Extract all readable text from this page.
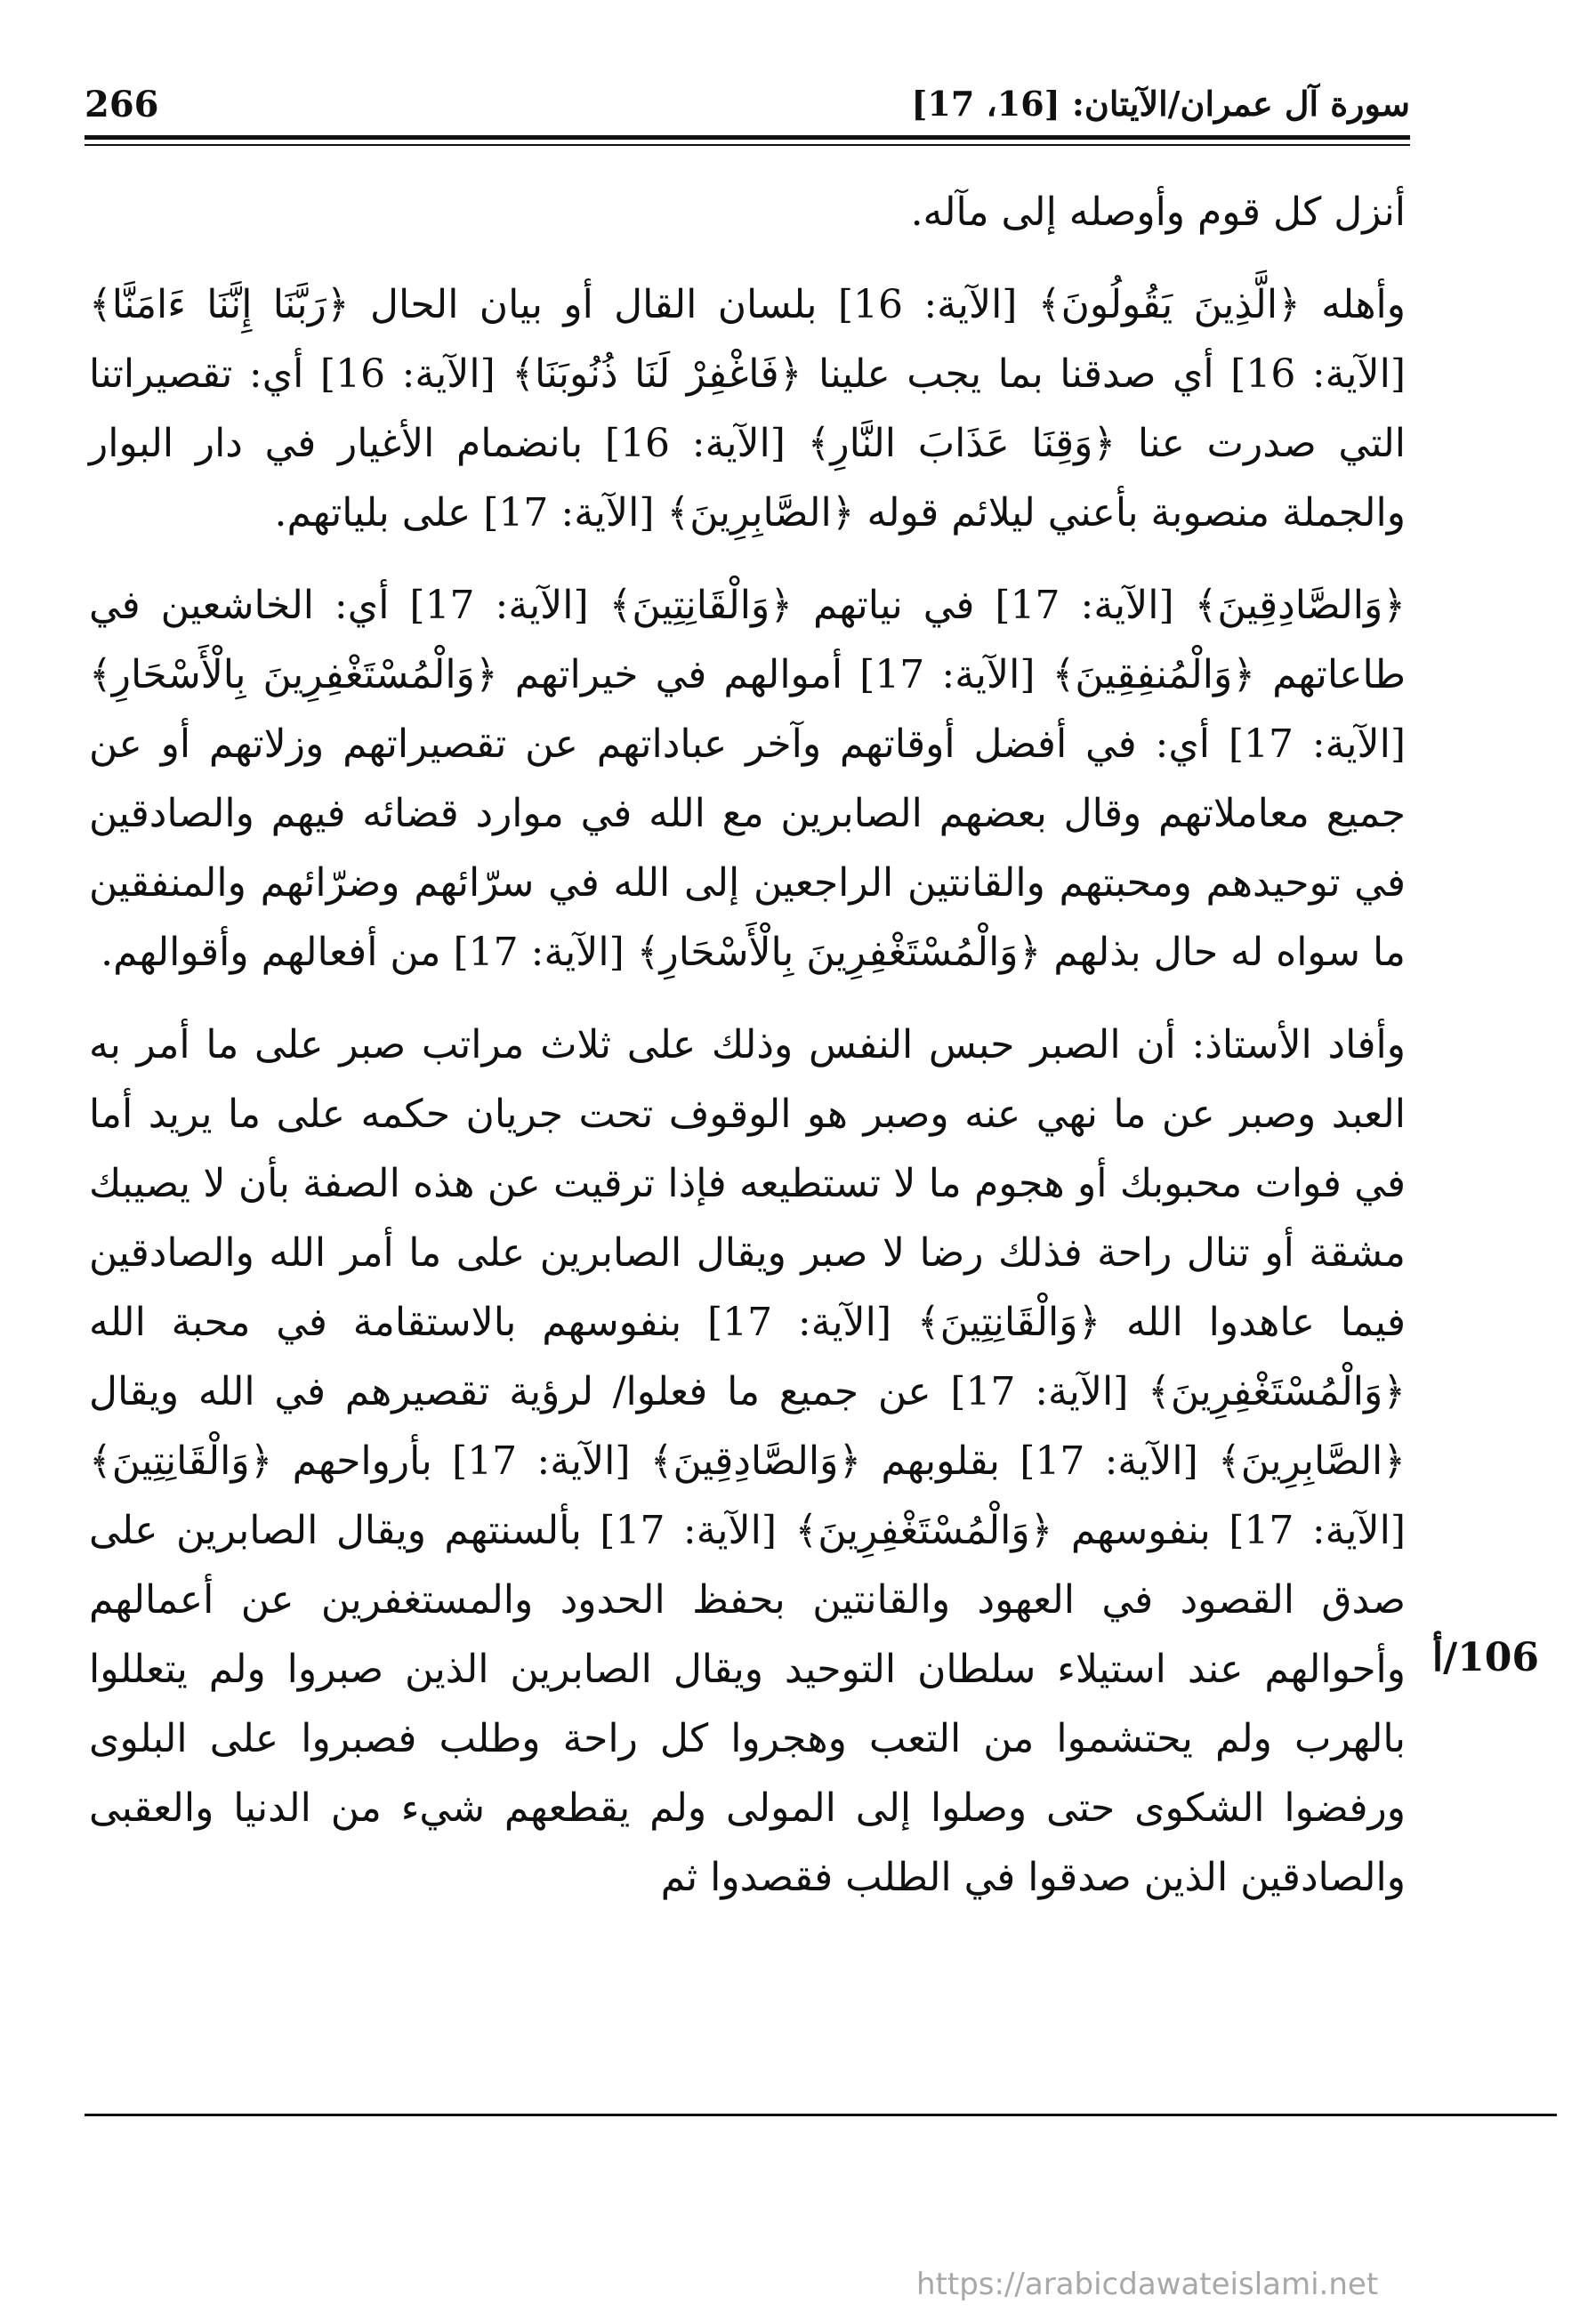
266	سورة آل عمران/الآيتان: [16، 17]

أنزل كل قوم وأوصله إلى مآله.

وأهله ﴿الَّذِينَ يَقُولُونَ﴾ [الآية: 16] بلسان القال أو بيان الحال ﴿رَبَّنَا إِنَّنَا ءَامَنَّا﴾ [الآية: 16] أي صدقنا بما يجب علينا ﴿فَاغْفِرْ لَنَا ذُنُوبَنَا﴾ [الآية: 16] أي: تقصيراتنا التي صدرت عنا ﴿وَقِنَا عَذَابَ النَّارِ﴾ [الآية: 16] بانضمام الأغيار في دار البوار والجملة منصوبة بأعني ليلائم قوله ﴿الصَّابِرِينَ﴾ [الآية: 17] على بلياتهم.

﴿وَالصَّادِقِينَ﴾ [الآية: 17] في نياتهم ﴿وَالْقَانِتِينَ﴾ [الآية: 17] أي: الخاشعين في طاعاتهم ﴿وَالْمُنفِقِينَ﴾ [الآية: 17] أموالهم في خيراتهم ﴿وَالْمُسْتَغْفِرِينَ بِالْأَسْحَارِ﴾ [الآية: 17] أي: في أفضل أوقاتهم وآخر عباداتهم عن تقصيراتهم وزلاتهم أو عن جميع معاملاتهم وقال بعضهم الصابرين مع الله في موارد قضائه فيهم والصادقين في توحيدهم ومحبتهم والقانتين الراجعين إلى الله في سرّائهم وضرّائهم والمنفقين ما سواه له حال بذلهم ﴿وَالْمُسْتَغْفِرِينَ بِالْأَسْحَارِ﴾ [الآية: 17] من أفعالهم وأقوالهم.

وأفاد الأستاذ: أن الصبر حبس النفس وذلك على ثلاث مراتب صبر على ما أمر به العبد وصبر عن ما نهي عنه وصبر هو الوقوف تحت جريان حكمه على ما يريد أما في فوات محبوبك أو هجوم ما لا تستطيعه فإذا ترقيت عن هذه الصفة بأن لا يصيبك مشقة أو تنال راحة فذلك رضا لا صبر ويقال الصابرين على ما أمر الله والصادقين فيما عاهدوا الله ﴿وَالْقَانِتِينَ﴾ [الآية: 17] بنفوسهم بالاستقامة في محبة الله ﴿وَالْمُسْتَغْفِرِينَ﴾ [الآية: 17] عن جميع ما فعلوا/ لرؤية تقصيرهم في الله ويقال ﴿الصَّابِرِينَ﴾ [الآية: 17] بقلوبهم ﴿وَالصَّادِقِينَ﴾ [الآية: 17] بأرواحهم ﴿وَالْقَانِتِينَ﴾ [الآية: 17] بنفوسهم ﴿وَالْمُسْتَغْفِرِينَ﴾ [الآية: 17] بألسنتهم ويقال الصابرين على صدق القصود في العهود والقانتين بحفظ الحدود والمستغفرين عن أعمالهم وأحوالهم عند استيلاء سلطان التوحيد ويقال الصابرين الذين صبروا ولم يتعللوا بالهرب ولم يحتشموا من التعب وهجروا كل راحة وطلب فصبروا على البلوى ورفضوا الشكوى حتى وصلوا إلى المولى ولم يقطعهم شيء من الدنيا والعقبى والصادقين الذين صدقوا في الطلب فقصدوا ثم

106/أ
https://arabicdawateislami.net
